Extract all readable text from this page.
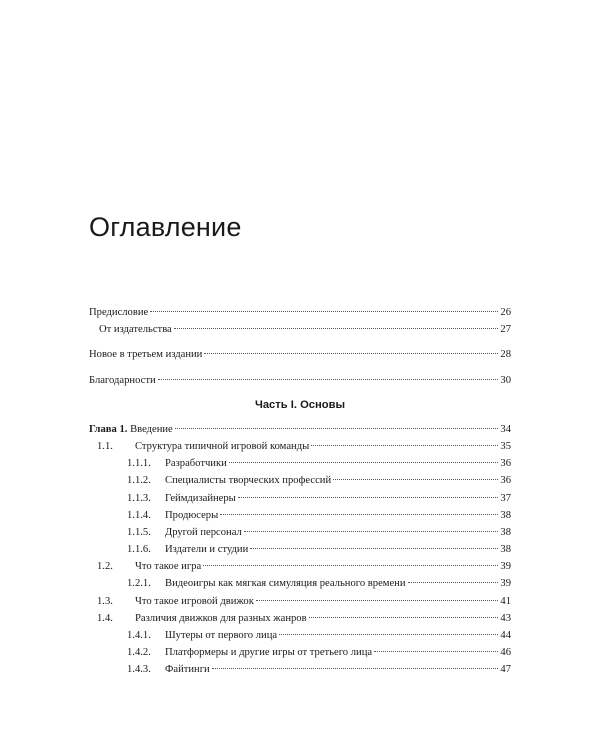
Оглавление
Предисловие	26
От издательства	27
Новое в третьем издании	28
Благодарности	30
Часть I. Основы
Глава 1. Введение	34
1.1.	Структура типичной игровой команды	35
1.1.1.	Разработчики	36
1.1.2.	Специалисты творческих профессий	36
1.1.3.	Геймдизайнеры	37
1.1.4.	Продюсеры	38
1.1.5.	Другой персонал	38
1.1.6.	Издатели и студии	38
1.2.	Что такое игра	39
1.2.1.	Видеоигры как мягкая симуляция реального времени	39
1.3.	Что такое игровой движок	41
1.4.	Различия движков для разных жанров	43
1.4.1.	Шутеры от первого лица	44
1.4.2.	Платформеры и другие игры от третьего лица	46
1.4.3.	Файтинги	47
